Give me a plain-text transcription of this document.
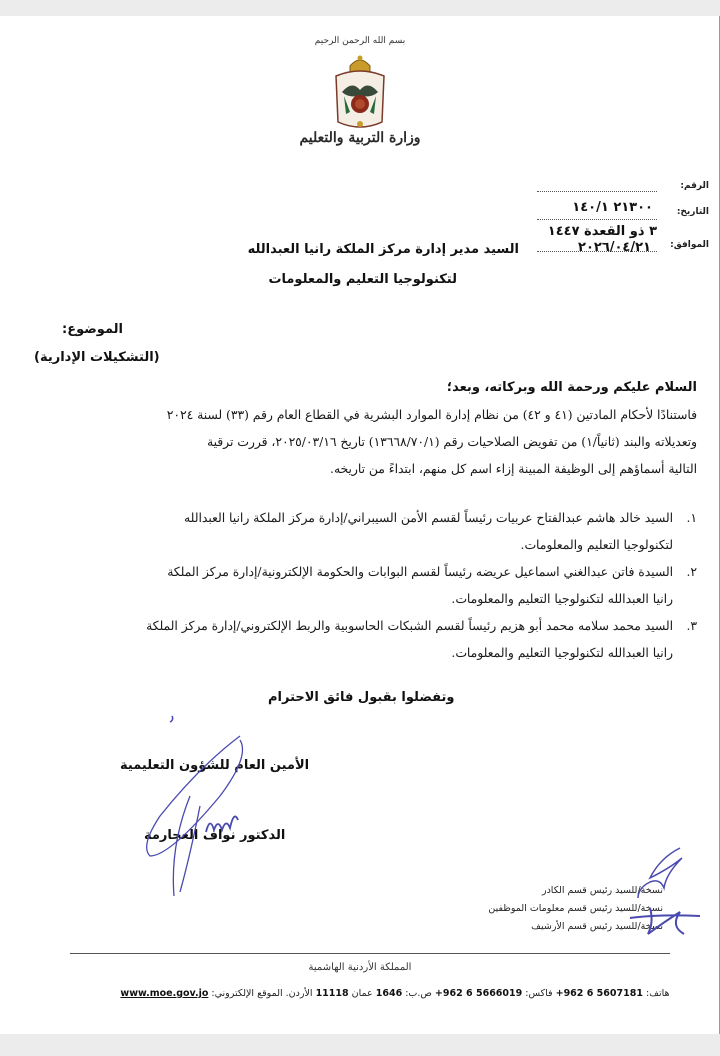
بسم الله الرحمن الرحيم
وزارة التربية والتعليم
الرقم:
التاريخ:
٢١٣٠٠ ١٤٠/١
٣ ذو القعدة ١٤٤٧
الموافق:
٢٠٢٦/٠٤/٢١
السيد مدير إدارة مركز الملكة رانيا العبدالله
لتكنولوجيا التعليم والمعلومات
الموضوع:
(التشكيلات الإدارية)
السلام عليكم ورحمة الله وبركاته، وبعد؛
فاستنادًا لأحكام المادتين (٤١ و ٤٢) من نظام إدارة الموارد البشرية في القطاع العام رقم (٣٣) لسنة ٢٠٢٤
وتعديلاته والبند (ثانياً/١) من تفويض الصلاحيات رقم (١٣٦٦٨/٧٠/١) تاريخ ٢٠٢٥/٠٣/١٦، قررت ترقية
التالية أسماؤهم إلى الوظيفة المبينة إزاء اسم كل منهم، ابتداءً من تاريخه.
١.
السيد خالد هاشم عبدالفتاح عربيات رئيساً لقسم الأمن السيبراني/إدارة مركز الملكة رانيا العبدالله
لتكنولوجيا التعليم والمعلومات.
٢.
السيدة فاتن عبدالغني اسماعيل عريضه رئيساً لقسم البوابات والحكومة الإلكترونية/إدارة مركز الملكة
رانيا العبدالله لتكنولوجيا التعليم والمعلومات.
٣.
السيد محمد سلامه محمد أبو هزيم رئيساً لقسم الشبكات الحاسوبية والربط الإلكتروني/إدارة مركز الملكة
رانيا العبدالله لتكنولوجيا التعليم والمعلومات.
وتفضلوا بقبول فائق الاحترام
الأمين العام للشؤون التعليمية
الدكتور نواف العجارمة
نسخة/للسيد رئيس قسم الكادر
نسخة/للسيد رئيس قسم معلومات الموظفين
نسخة/للسيد رئيس قسم الأرشيف
المملكة الأردنية الهاشمية
هاتف: 5607181 6 962+ فاكس: 5666019 6 962+ ص.ب: 1646 عمان 11118 الأردن. الموقع الإلكتروني: www.moe.gov.jo
